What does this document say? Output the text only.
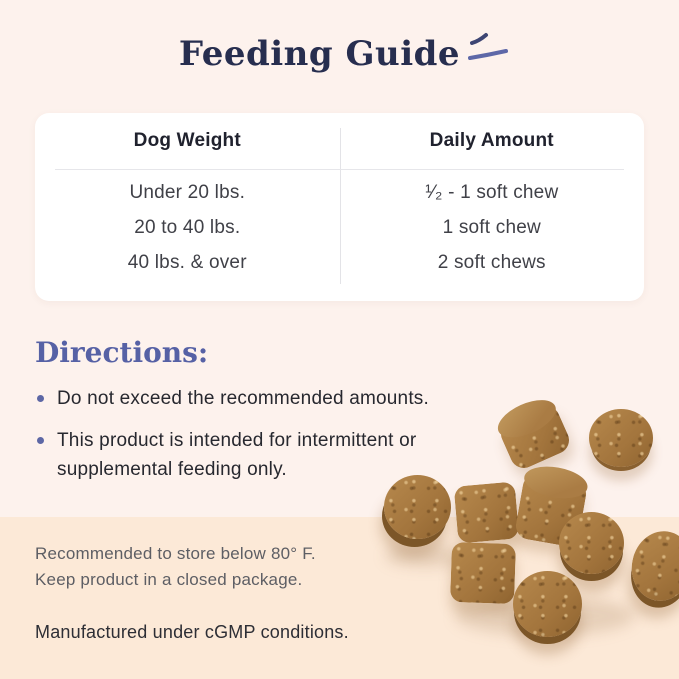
Feeding Guide
Dog Weight	Daily Amount
Under 20 lbs.	¹⁄₂ - 1 soft chew
20 to 40 lbs.	1 soft chew
40 lbs. & over	2 soft chews
Directions:
Do not exceed the recommended amounts.
This product is intended for intermittent or supplemental feeding only.
Recommended to store below 80° F.
Keep product in a closed package.
Manufactured under cGMP conditions.
